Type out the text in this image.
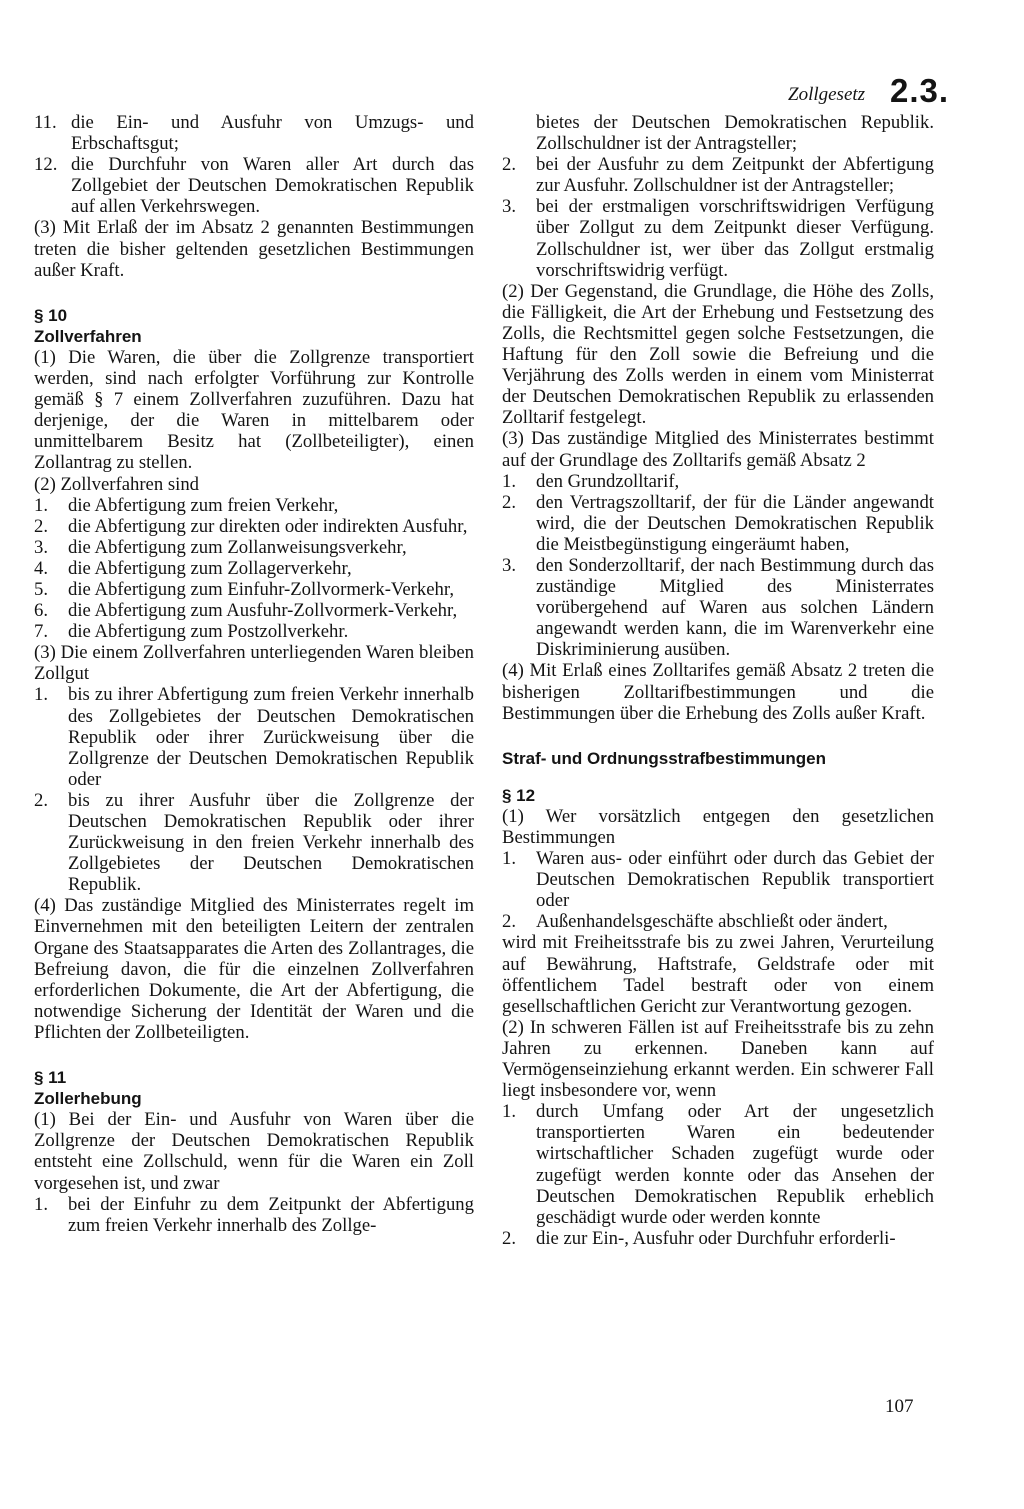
Zollgesetz 2.3.
11. die Ein- und Ausfuhr von Umzugs- und Erbschaftsgut;
12. die Durchfuhr von Waren aller Art durch das Zollgebiet der Deutschen Demokratischen Republik auf allen Verkehrswegen.

(3) Mit Erlaß der im Absatz 2 genannten Bestimmungen treten die bisher geltenden gesetzlichen Bestimmungen außer Kraft.

§ 10
Zollverfahren

(1) Die Waren, die über die Zollgrenze transportiert werden, sind nach erfolgter Vorführung zur Kontrolle gemäß § 7 einem Zollverfahren zuzuführen. Dazu hat derjenige, der die Waren in mittelbarem oder unmittelbarem Besitz hat (Zollbeteiligter), einen Zollantrag zu stellen.

(2) Zollverfahren sind

1.	die Abfertigung zum freien Verkehr,
2.	die Abfertigung zur direkten oder indirekten Ausfuhr,
3.	die Abfertigung zum Zollanweisungsverkehr,
4.	die Abfertigung zum Zollagerverkehr,
5.	die Abfertigung zum Einfuhr-Zollvormerk-Verkehr,
6.	die Abfertigung zum Ausfuhr-Zollvormerk-Verkehr,
7.	die Abfertigung zum Postzollverkehr.

(3) Die einem Zollverfahren unterliegenden Waren bleiben Zollgut

1.	bis zu ihrer Abfertigung zum freien Verkehr innerhalb des Zollgebietes der Deutschen Demokratischen Republik oder ihrer Zurückweisung über die Zollgrenze der Deutschen Demokratischen Republik oder
2.	bis zu ihrer Ausfuhr über die Zollgrenze der Deutschen Demokratischen Republik oder ihrer Zurückweisung in den freien Verkehr innerhalb des Zollgebietes der Deutschen Demokratischen Republik.

(4) Das zuständige Mitglied des Ministerrates regelt im Einvernehmen mit den beteiligten Leitern der zentralen Organe des Staatsapparates die Arten des Zollantrages, die Befreiung davon, die für die einzelnen Zollverfahren erforderlichen Dokumente, die Art der Abfertigung, die notwendige Sicherung der Identität der Waren und die Pflichten der Zollbeteiligten.

§ 11
Zollerhebung

(1) Bei der Ein- und Ausfuhr von Waren über die Zollgrenze der Deutschen Demokratischen Republik entsteht eine Zollschuld, wenn für die Waren ein Zoll vorgesehen ist, und zwar

1.	bei der Einfuhr zu dem Zeitpunkt der Abfertigung zum freien Verkehr innerhalb des Zollge-

bietes der Deutschen Demokratischen Republik. Zollschuldner ist der Antragsteller;

2.	bei der Ausfuhr zu dem Zeitpunkt der Abfertigung zur Ausfuhr. Zollschuldner ist der Antragsteller;
3.	bei der erstmaligen vorschriftswidrigen Verfügung über Zollgut zu dem Zeitpunkt dieser Verfügung. Zollschuldner ist, wer über das Zollgut erstmalig vorschriftswidrig verfügt.

(2) Der Gegenstand, die Grundlage, die Höhe des Zolls, die Fälligkeit, die Art der Erhebung und Festsetzung des Zolls, die Rechtsmittel gegen solche Festsetzungen, die Haftung für den Zoll sowie die Befreiung und die Verjährung des Zolls werden in einem vom Ministerrat der Deutschen Demokratischen Republik zu erlassenden Zolltarif festgelegt.

(3) Das zuständige Mitglied des Ministerrates bestimmt auf der Grundlage des Zolltarifs gemäß Absatz 2

1.	den Grundzolltarif,
2.	den Vertragszolltarif, der für die Länder angewandt wird, die der Deutschen Demokratischen Republik die Meistbegünstigung eingeräumt haben,
3.	den Sonderzolltarif, der nach Bestimmung durch das zuständige Mitglied des Ministerrates vorübergehend auf Waren aus solchen Ländern angewandt werden kann, die im Warenverkehr eine Diskriminierung ausüben.

(4) Mit Erlaß eines Zolltarifes gemäß Absatz 2 treten die bisherigen Zolltarifbestimmungen und die Bestimmungen über die Erhebung des Zolls außer Kraft.

Straf- und Ordnungsstrafbestimmungen
§ 12

(1) Wer vorsätzlich entgegen den gesetzlichen Bestimmungen

1.	Waren aus- oder einführt oder durch das Gebiet der Deutschen Demokratischen Republik transportiert oder
2.	Außenhandelsgeschäfte abschließt oder ändert,

wird mit Freiheitsstrafe bis zu zwei Jahren, Verurteilung auf Bewährung, Haftstrafe, Geldstrafe oder mit öffentlichem Tadel bestraft oder von einem gesellschaftlichen Gericht zur Verantwortung gezogen.

(2) In schweren Fällen ist auf Freiheitsstrafe bis zu zehn Jahren zu erkennen. Daneben kann auf Vermögenseinziehung erkannt werden. Ein schwerer Fall liegt insbesondere vor, wenn

1.	durch Umfang oder Art der ungesetzlich transportierten Waren ein bedeutender wirtschaftlicher Schaden zugefügt wurde oder zugefügt werden konnte oder das Ansehen der Deutschen Demokratischen Republik erheblich geschädigt wurde oder werden konnte
2.	die zur Ein-, Ausfuhr oder Durchfuhr erforderli-
107
